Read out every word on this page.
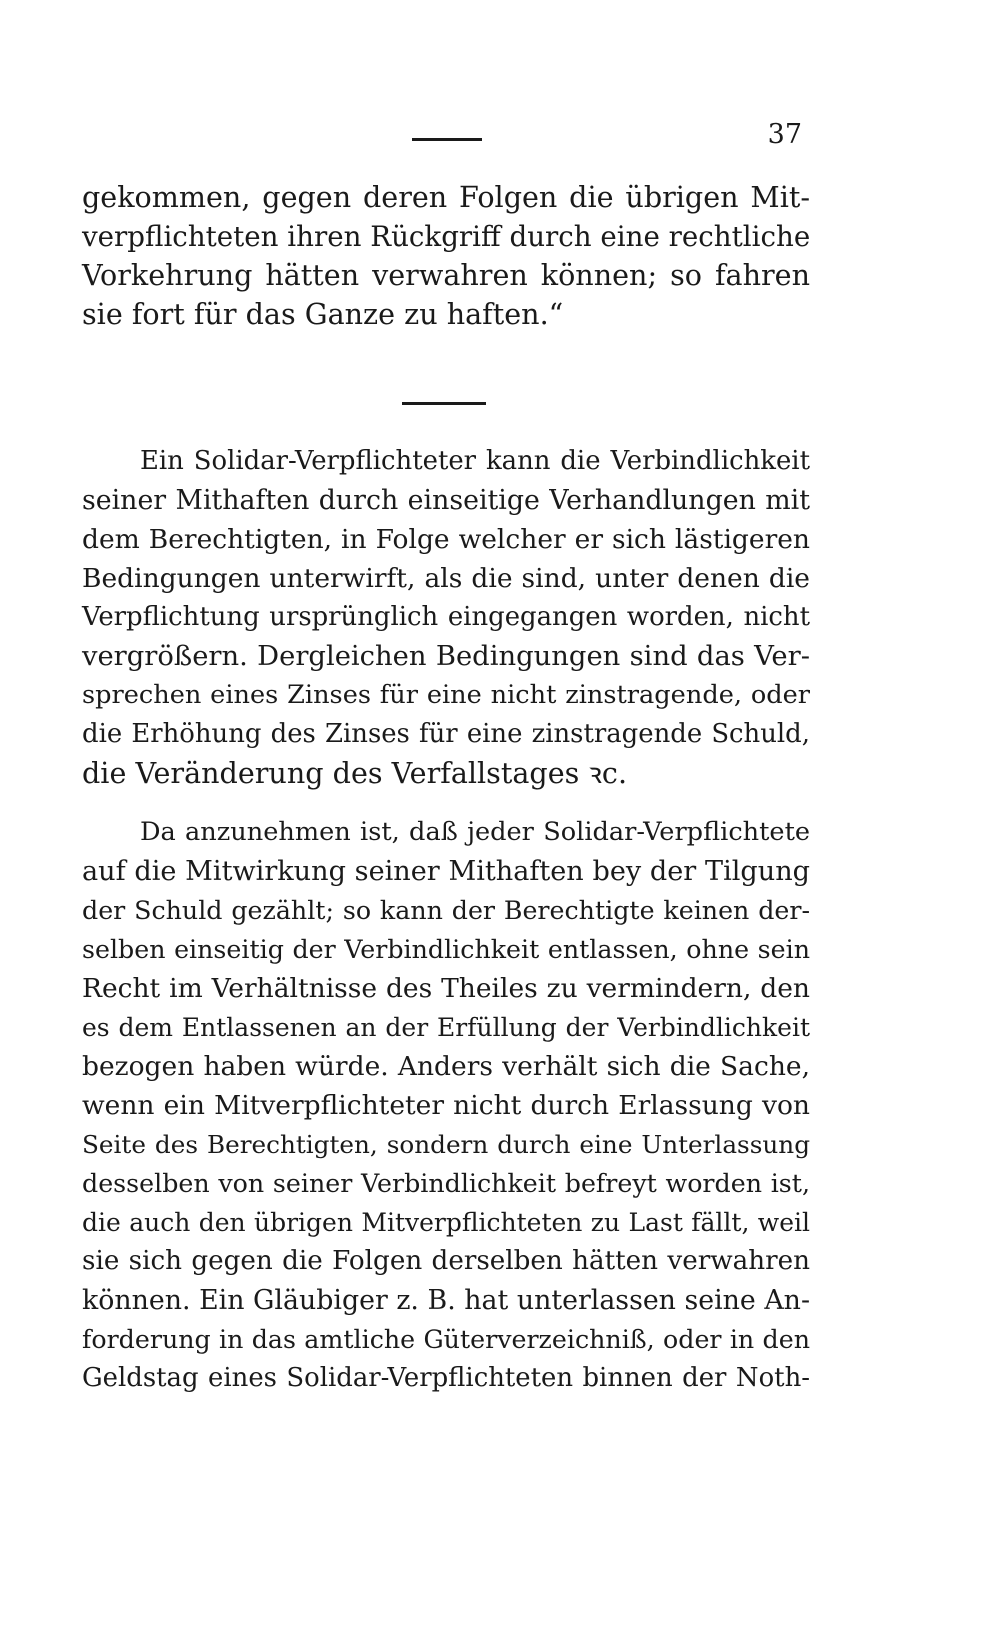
37

gekommen, gegen deren Folgen die übrigen Mit-
verpflichteten ihren Rückgriff durch eine rechtliche
Vorkehrung hätten verwahren können; so fahren
sie fort für das Ganze zu haften.“

Ein Solidar-Verpflichteter kann die Verbindlichkeit
seiner Mithaften durch einseitige Verhandlungen mit
dem Berechtigten, in Folge welcher er sich lästigeren
Bedingungen unterwirft, als die sind, unter denen die
Verpflichtung ursprünglich eingegangen worden, nicht
vergrößern. Dergleichen Bedingungen sind das Ver-
sprechen eines Zinses für eine nicht zinstragende, oder
die Erhöhung des Zinses für eine zinstragende Schuld,
die Veränderung des Verfallstages ꝛc.

Da anzunehmen ist, daß jeder Solidar-Verpflichtete
auf die Mitwirkung seiner Mithaften bey der Tilgung
der Schuld gezählt; so kann der Berechtigte keinen der-
selben einseitig der Verbindlichkeit entlassen, ohne sein
Recht im Verhältnisse des Theiles zu vermindern, den
es dem Entlassenen an der Erfüllung der Verbindlichkeit
bezogen haben würde. Anders verhält sich die Sache,
wenn ein Mitverpflichteter nicht durch Erlassung von
Seite des Berechtigten, sondern durch eine Unterlassung
desselben von seiner Verbindlichkeit befreyt worden ist,
die auch den übrigen Mitverpflichteten zu Last fällt, weil
sie sich gegen die Folgen derselben hätten verwahren
können. Ein Gläubiger z. B. hat unterlassen seine An-
forderung in das amtliche Güterverzeichniß, oder in den
Geldstag eines Solidar-Verpflichteten binnen der Noth-
